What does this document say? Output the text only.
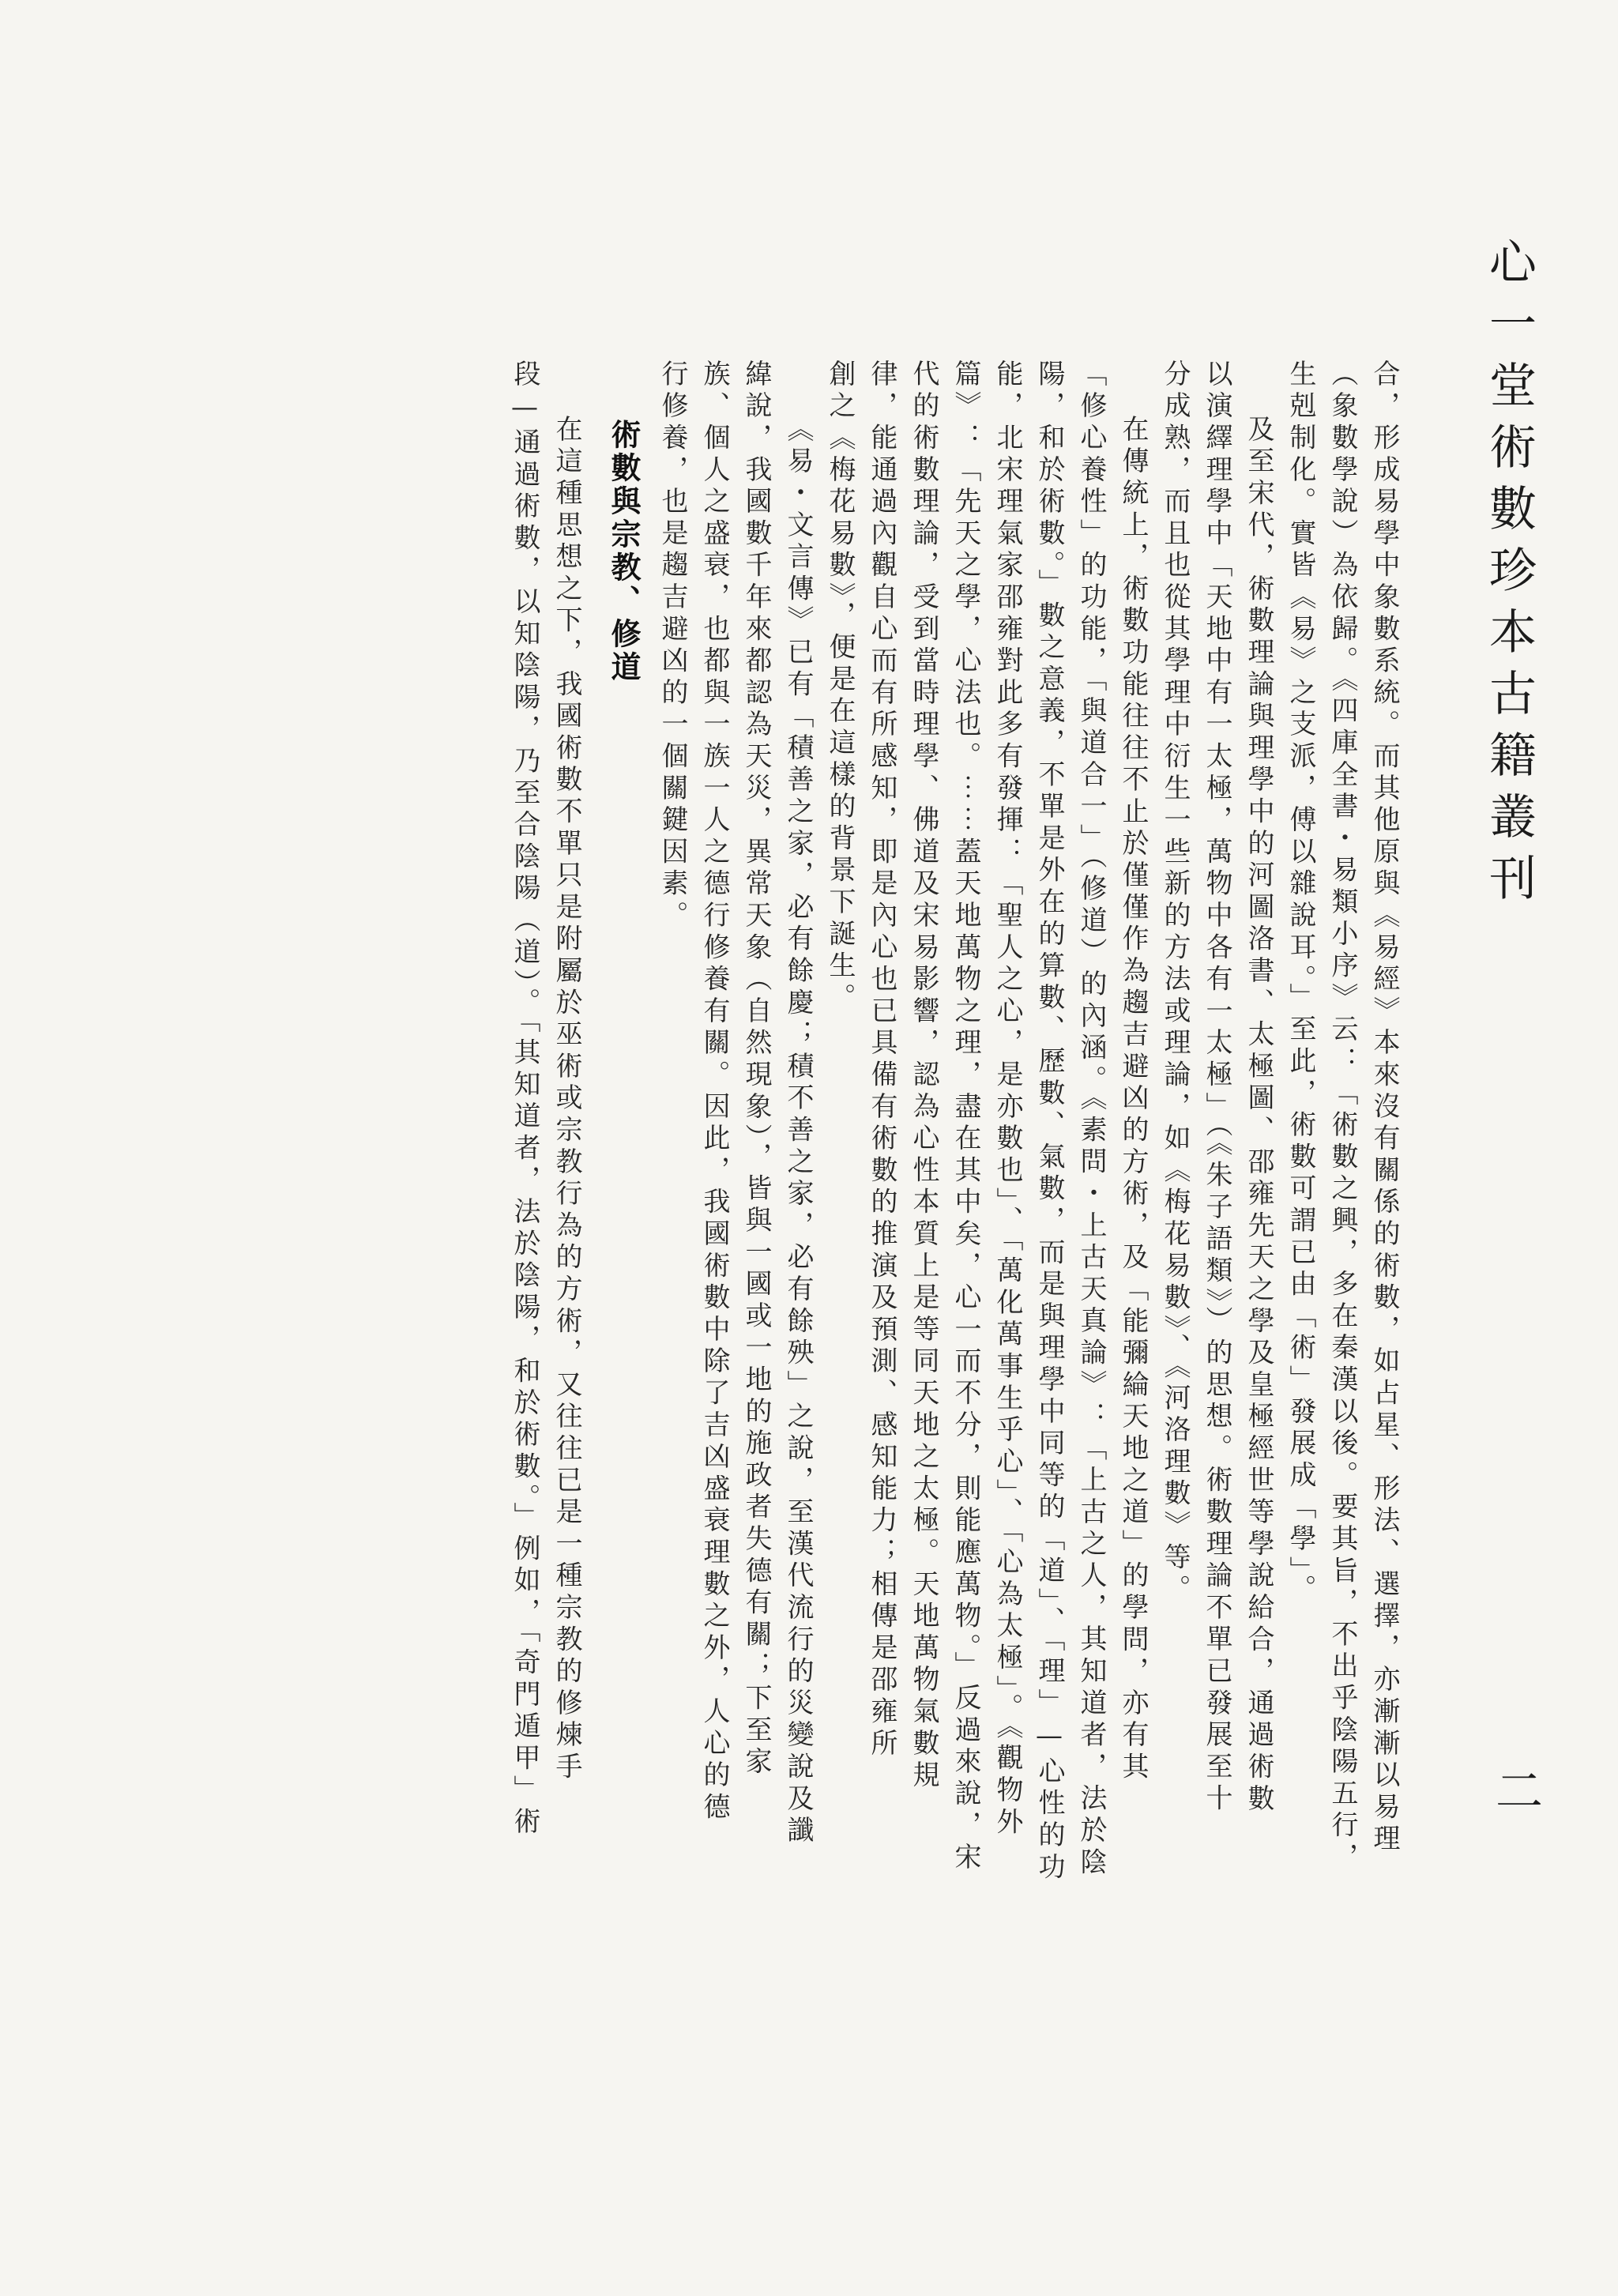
心一堂術數珍本古籍叢刊
二
合，形成易學中象數系統。而其他原與《易經》本來沒有關係的術數，如占星、形法、選擇，亦漸漸以易理
（象數學說）為依歸。《四庫全書・易類小序》云：「術數之興，多在秦漢以後。要其旨，不出乎陰陽五行，
生剋制化。實皆《易》之支派，傅以雜說耳。」至此，術數可謂已由「術」發展成「學」。
及至宋代，術數理論與理學中的河圖洛書、太極圖、邵雍先天之學及皇極經世等學說給合，通過術數
以演繹理學中「天地中有一太極，萬物中各有一太極」（《朱子語類》）的思想。術數理論不單已發展至十
分成熟，而且也從其學理中衍生一些新的方法或理論，如《梅花易數》、《河洛理數》等。
在傳統上，術數功能往往不止於僅僅作為趨吉避凶的方術，及「能彌綸天地之道」的學問，亦有其
「修心養性」的功能，「與道合一」（修道）的內涵。《素問・上古天真論》：「上古之人，其知道者，法於陰
陽，和於術數。」數之意義，不單是外在的算數、歷數、氣數，而是與理學中同等的「道」、「理」—心性的功
能，北宋理氣家邵雍對此多有發揮：「聖人之心，是亦數也」、「萬化萬事生乎心」、「心為太極」。《觀物外
篇》：「先天之學，心法也。⋯⋯蓋天地萬物之理，盡在其中矣，心一而不分，則能應萬物。」反過來說，宋
代的術數理論，受到當時理學、佛道及宋易影響，認為心性本質上是等同天地之太極。天地萬物氣數規
律，能通過內觀自心而有所感知，即是內心也已具備有術數的推演及預測、感知能力；相傳是邵雍所
創之《梅花易數》，便是在這樣的背景下誕生。
《易・文言傳》已有「積善之家，必有餘慶；積不善之家，必有餘殃」之說，至漢代流行的災變說及讖
緯說，我國數千年來都認為天災，異常天象（自然現象），皆與一國或一地的施政者失德有關；下至家
族、個人之盛衰，也都與一族一人之德行修養有關。因此，我國術數中除了吉凶盛衰理數之外，人心的德
行修養，也是趨吉避凶的一個關鍵因素。
術數與宗教、修道
在這種思想之下，我國術數不單只是附屬於巫術或宗教行為的方術，又往往已是一種宗教的修煉手
段—通過術數，以知陰陽，乃至合陰陽（道）。「其知道者，法於陰陽，和於術數。」例如，「奇門遁甲」術
